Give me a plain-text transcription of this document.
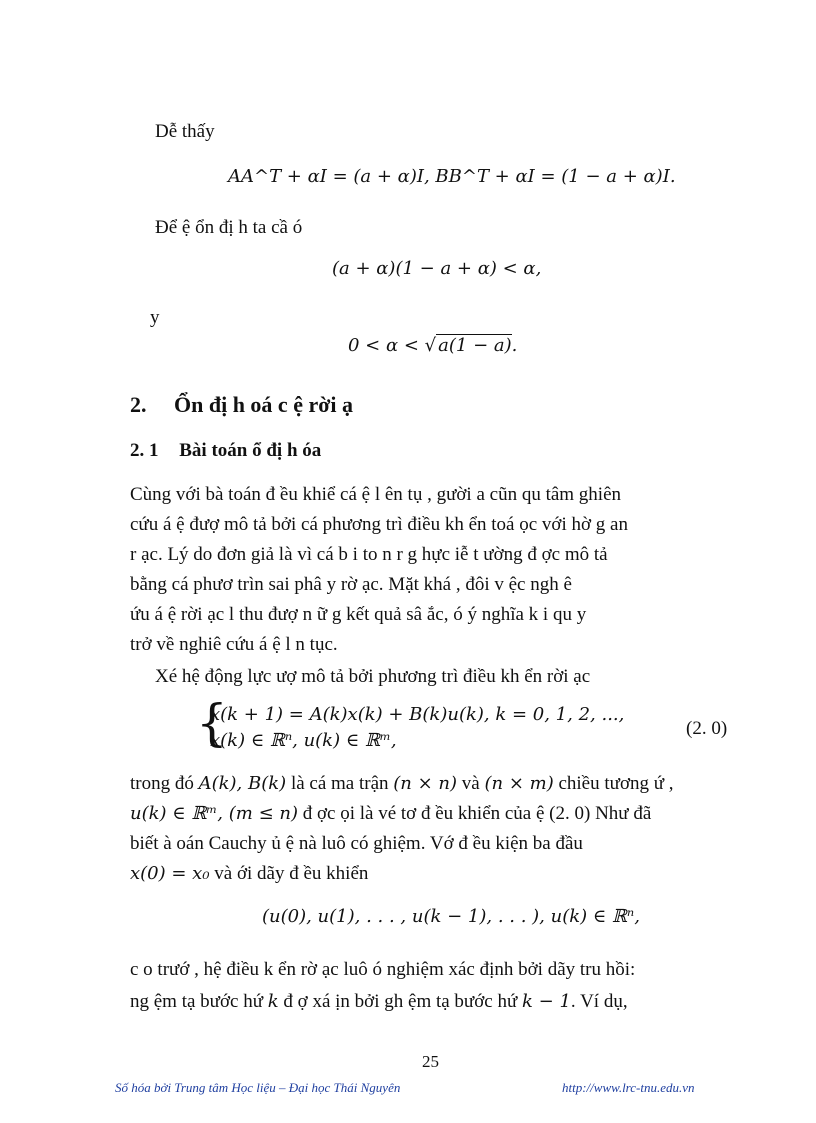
Dễ thấy
AA^T + αI = (a + α)I, BB^T + αI = (1 − a + α)I.
Để ệ ổn đị h ta cầ ó
(a + α)(1 − a + α) < α,
y
0 < α < √ a(1 − a).
2. Ổn đị h oá c ệ rời ạ
2. 1 Bài toán ổ đị h óa
Cùng với bà toán đ ều khiể cá ệ l ên tụ , gười a cũn qu tâm ghiên
cứu á ệ đượ mô tả bởi cá phương trì điều kh ển toá ọc với hờ g an
r ạc. Lý do đơn giả là vì cá b i to n r g hực iễ t ường đ ợc mô tả
bằng cá phươ trìn sai phâ y rờ ạc. Mặt khá , đôi v ệc ngh ê
ứu á ệ rời ạc l thu đượ n ữ g kết quả sâ ắc, ó ý nghĩa k i qu y
trở về nghiê cứu á ệ l n tục.
Xé hệ động lực ượ mô tả bởi phương trì điều kh ển rời ạc
{
x(k + 1) = A(k)x(k) + B(k)u(k), k = 0, 1, 2, ...,
x(k) ∈ ℝⁿ, u(k) ∈ ℝᵐ,
(2. 0)
trong đó A(k), B(k) là cá ma trận (n × n) và (n × m) chiều tương ứ ,
u(k) ∈ ℝᵐ, (m ≤ n) đ ợc ọi là vé tơ đ ều khiển của ệ (2. 0) Như đã
biết à oán Cauchy ủ ệ nà luô có ghiệm. Vớ đ ều kiện ba đầu
x(0) = x₀ và ới dãy đ ều khiển
(u(0), u(1), . . . , u(k − 1), . . . ), u(k) ∈ ℝⁿ,
c o trướ , hệ điều k ển rờ ạc luô ó nghiệm xác định bởi dãy tru hồi:
ng ệm tạ bước hứ k đ ợ xá ịn bởi gh ệm tạ bước hứ k − 1. Ví dụ,
25
Số hóa bởi Trung tâm Học liệu – Đại học Thái Nguyên	http://www.lrc-tnu.edu.vn
